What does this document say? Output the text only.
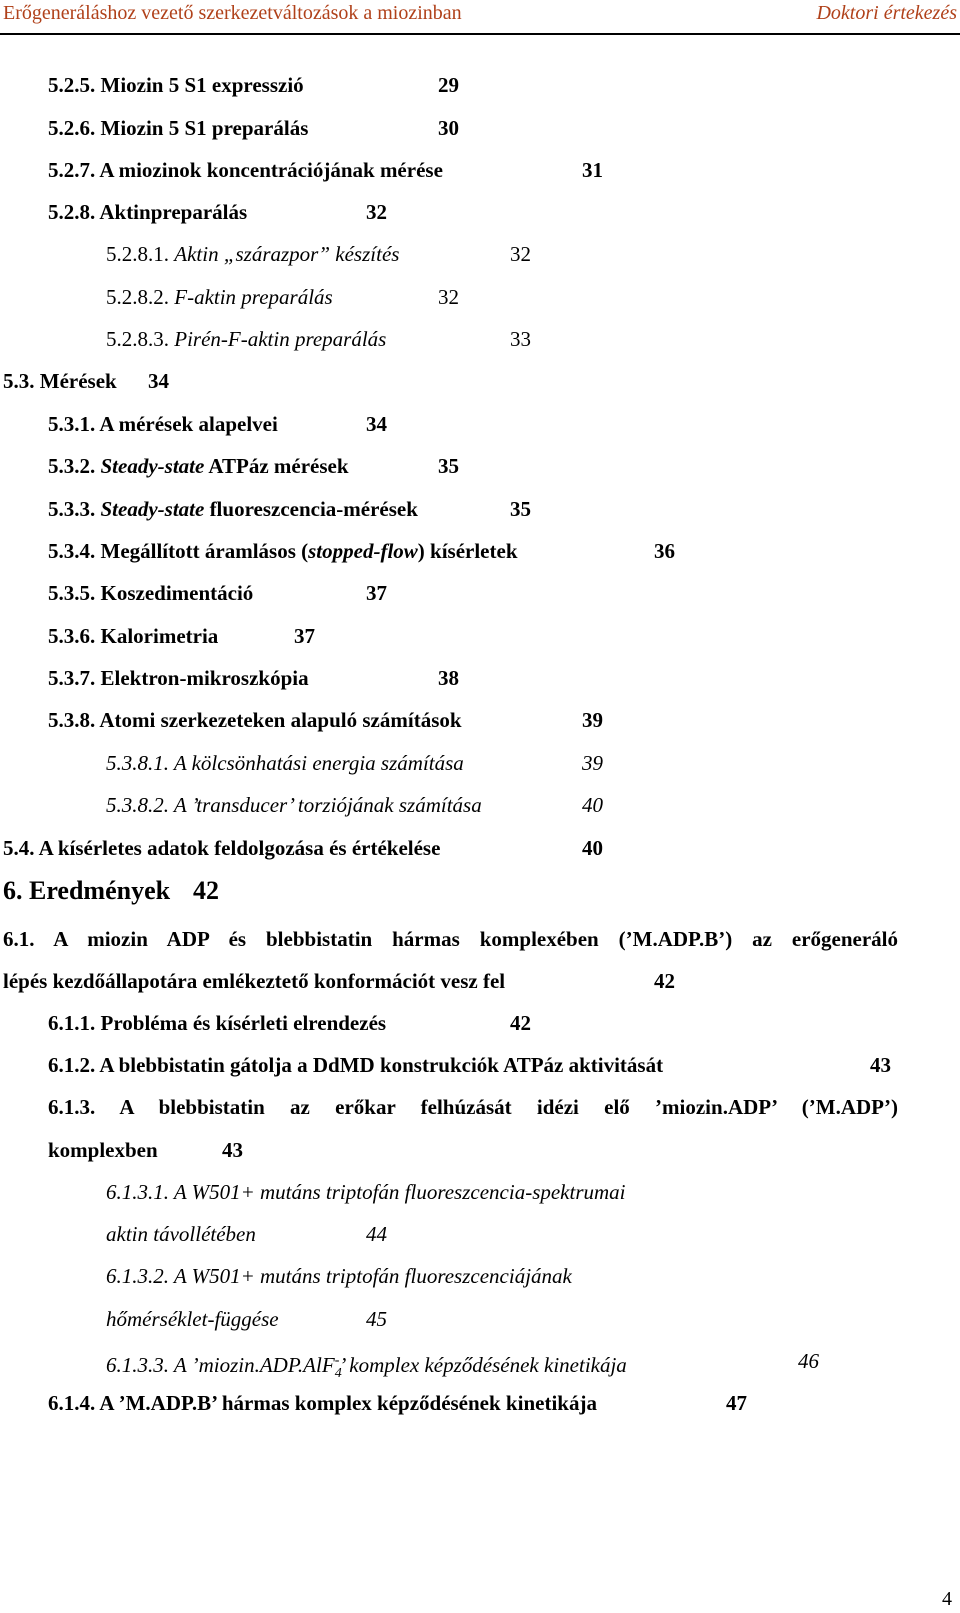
Erőgeneráláshoz vezető szerkezetváltozások a miozinban	Doktori értekezés
5.2.5. Miozin 5 S1 expresszió	29
5.2.6. Miozin 5 S1 preparálás	30
5.2.7. A miozinok koncentrációjának mérése	31
5.2.8. Aktinpreparálás	32
5.2.8.1. Aktin „szárazpor” készítés	32
5.2.8.2. F-aktin preparálás	32
5.2.8.3. Pirén-F-aktin preparálás	33
5.3. Mérések 34
5.3.1. A mérések alapelvei	34
5.3.2. Steady-state ATPáz mérések	35
5.3.3. Steady-state fluoreszcencia-mérések	35
5.3.4. Megállított áramlásos (stopped-flow) kísérletek	36
5.3.5. Koszedimentáció	37
5.3.6. Kalorimetria	37
5.3.7. Elektron-mikroszkópia	38
5.3.8. Atomi szerkezeteken alapuló számítások	39
5.3.8.1. A kölcsönhatási energia számítása	39
5.3.8.2. A ’transducer’ torziójának számítása	40
5.4. A kísérletes adatok feldolgozása és értékelése	40
6. Eredmények 42
6.1. A miozin ADP és blebbistatin hármas komplexében (’M.ADP.B’) az erőgeneráló
lépés kezdőállapotára emlékeztető konformációt vesz fel	42
6.1.1. Probléma és kísérleti elrendezés	42
6.1.2. A blebbistatin gátolja a DdMD konstrukciók ATPáz aktivitását	43
6.1.3. A blebbistatin az erőkar felhúzását idézi elő ’miozin.ADP’ (’M.ADP’)
komplexben	43
6.1.3.1. A W501+ mutáns triptofán fluoreszcencia-spektrumai
aktin távollétében	44
6.1.3.2. A W501+ mutáns triptofán fluoreszcenciájának
hőmérséklet-függése	45
6.1.3.3. A ’miozin.ADP.AlF$_4$-’ komplex képződésének kinetikája	46
6.1.4. A ’M.ADP.B’ hármas komplex képződésének kinetikája	47
4
